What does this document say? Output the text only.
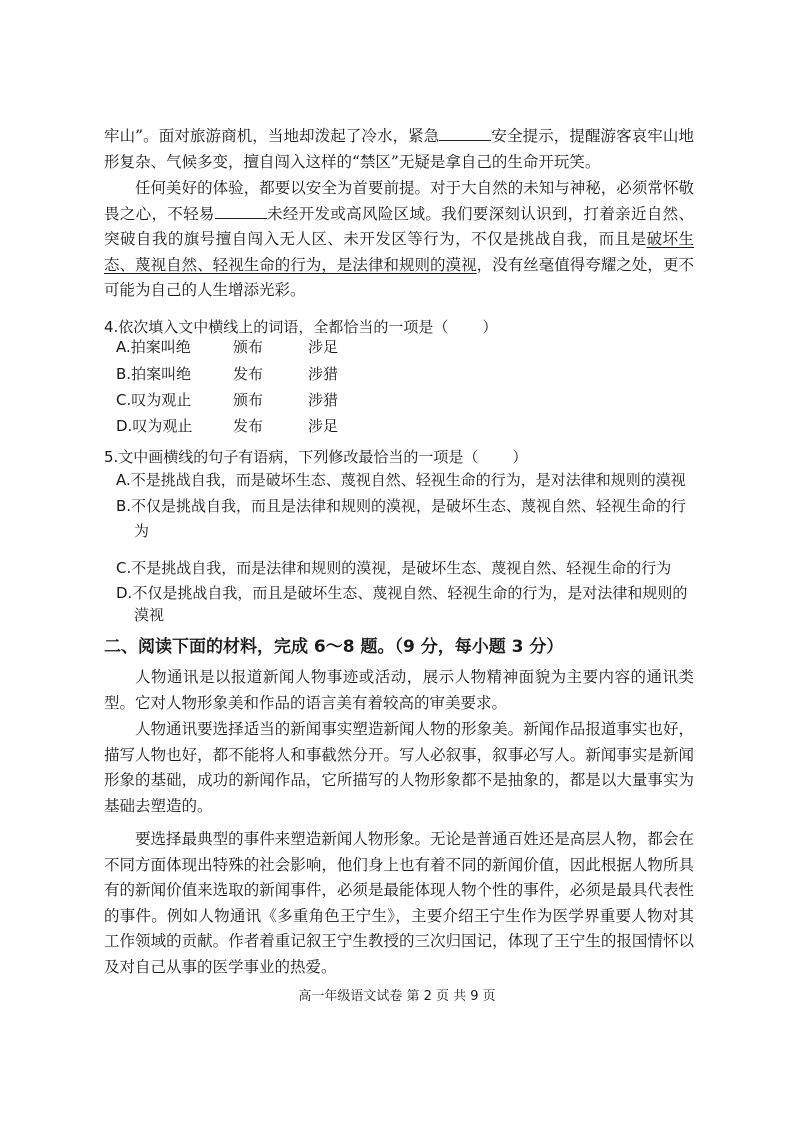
牢山”。面对旅游商机，当地却泼起了冷水，紧急	安全提示，提醒游客哀牢山地形复杂、气候多变，擅自闯入这样的“禁区”无疑是拿自己的生命开玩笑。

任何美好的体验，都要以安全为首要前提。对于大自然的未知与神秘，必须常怀敬畏之心，不轻易	未经开发或高风险区域。我们要深刻认识到，打着亲近自然、突破自我的旗号擅自闯入无人区、未开发区等行为，不仅是挑战自我，而且是破坏生态、蔑视自然、轻视生命的行为，是法律和规则的漠视，没有丝毫值得夸耀之处，更不可能为自己的人生增添光彩。

4.依次填入文中横线上的词语，全都恰当的一项是（ ）

A.拍案叫绝	颁布	涉足
B.拍案叫绝	发布	涉猎
C.叹为观止	颁布	涉猎
D.叹为观止	发布	涉足

5.文中画横线的句子有语病，下列修改最恰当的一项是（ ）

A.不是挑战自我，而是破坏生态、蔑视自然、轻视生命的行为，是对法律和规则的漠视
B.不仅是挑战自我，而且是法律和规则的漠视，是破坏生态、蔑视自然、轻视生命的行
为
C.不是挑战自我，而是法律和规则的漠视，是破坏生态、蔑视自然、轻视生命的行为
D.不仅是挑战自我，而且是破坏生态、蔑视自然、轻视生命的行为，是对法律和规则的
漠视

二、阅读下面的材料，完成 6～8 题。（9 分，每小题 3 分）

人物通讯是以报道新闻人物事迹或活动，展示人物精神面貌为主要内容的通讯类型。它对人物形象美和作品的语言美有着较高的审美要求。

人物通讯要选择适当的新闻事实塑造新闻人物的形象美。新闻作品报道事实也好，描写人物也好，都不能将人和事截然分开。写人必叙事，叙事必写人。新闻事实是新闻形象的基础，成功的新闻作品，它所描写的人物形象都不是抽象的，都是以大量事实为基础去塑造的。

要选择最典型的事件来塑造新闻人物形象。无论是普通百姓还是高层人物，都会在不同方面体现出特殊的社会影响，他们身上也有着不同的新闻价值，因此根据人物所具有的新闻价值来选取的新闻事件，必须是最能体现人物个性的事件，必须是最具代表性的事件。例如人物通讯《多重角色王宁生》，主要介绍王宁生作为医学界重要人物对其工作领域的贡献。作者着重记叙王宁生教授的三次归国记，体现了王宁生的报国情怀以及对自己从事的医学事业的热爱。

高一年级语文试卷 第 2 页 共 9 页
